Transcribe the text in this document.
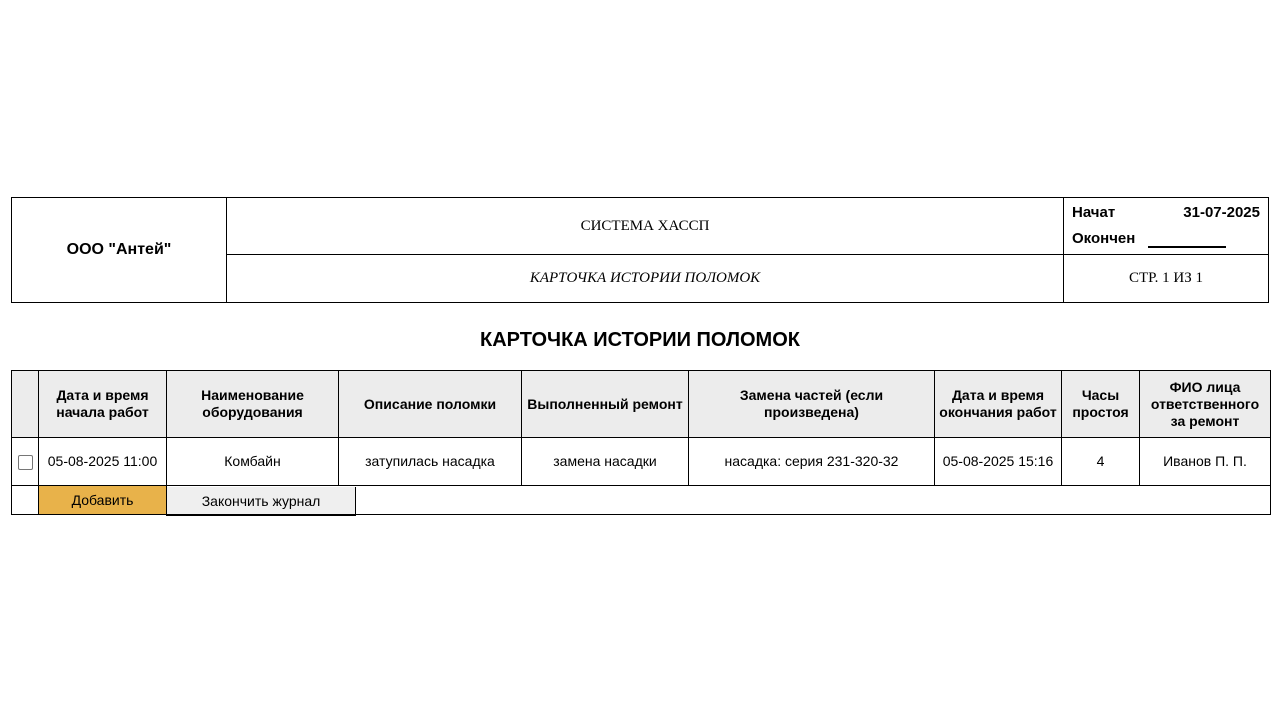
ООО "Антей"	СИСТЕМА ХАССП	Начат 31-07-2025
Окончен

	КАРТОЧКА ИСТОРИИ ПОЛОМОК	СТР. 1 ИЗ 1
КАРТОЧКА ИСТОРИИ ПОЛОМОК
	Дата и время начала работ	Наименование оборудования	Описание поломки	Выполненный ремонт	Замена частей (если произведена)	Дата и время окончания работ	Часы простоя	ФИО лица ответственного за ремонт
	05-08-2025 11:00	Комбайн	затупилась насадка	замена насадки	насадка: серия 231-320-32	05-08-2025 15:16	4	Иванов П. П.

	Добавить							
		Закончить журнал
